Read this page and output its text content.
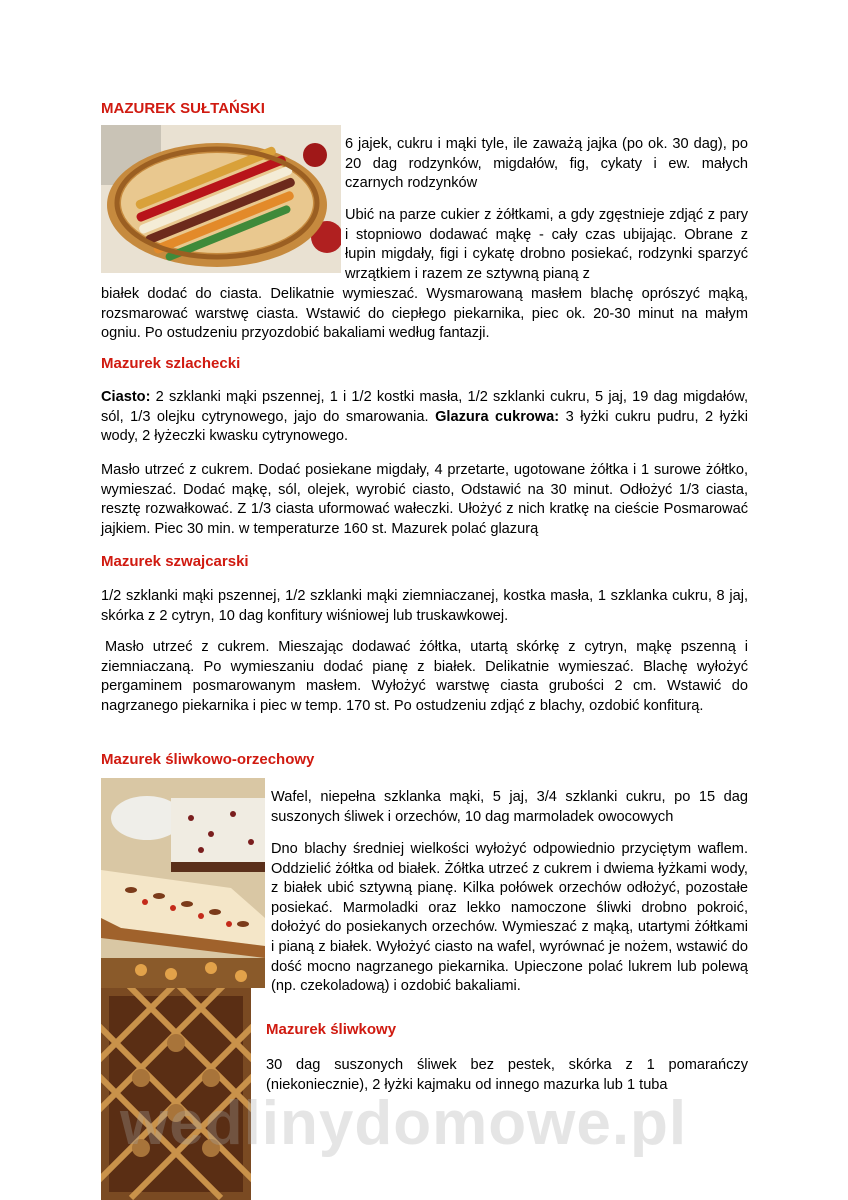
MAZUREK SUŁTAŃSKI

6 jajek, cukru i mąki tyle, ile zaważą jajka (po ok. 30 dag), po 20 dag rodzynków, migdałów, fig, cykaty i ew. małych czarnych rodzynków

Ubić na parze cukier z żółtkami, a gdy zgęstnieje zdjąć z pary i stopniowo dodawać mąkę - cały czas ubijając. Obrane z łupin migdały, figi i cykatę drobno posiekać, rodzynki sparzyć wrzątkiem i razem ze sztywną pianą z

białek dodać do ciasta. Delikatnie wymieszać. Wysmarowaną masłem blachę oprószyć mąką, rozsmarować warstwę ciasta. Wstawić do ciepłego piekarnika, piec ok. 20-30 minut na małym ogniu. Po ostudzeniu przyozdobić bakaliami według fantazji.

Mazurek szlachecki

Ciasto: 2 szklanki mąki pszennej, 1 i 1/2 kostki masła, 1/2 szklanki cukru, 5 jaj, 19 dag migdałów, sól, 1/3 olejku cytrynowego, jajo do smarowania. Glazura cukrowa: 3 łyżki cukru pudru, 2 łyżki wody, 2 łyżeczki kwasku cytrynowego.

Masło utrzeć z cukrem. Dodać posiekane migdały, 4 przetarte, ugotowane żółtka i 1 surowe żółtko, wymieszać. Dodać mąkę, sól, olejek, wyrobić ciasto, Odstawić na 30 minut. Odłożyć 1/3 ciasta, resztę rozwałkować. Z 1/3 ciasta uformować wałeczki. Ułożyć z nich kratkę na cieście Posmarować jajkiem. Piec 30 min. w temperaturze 160 st. Mazurek polać glazurą

Mazurek szwajcarski

1/2 szklanki mąki pszennej, 1/2 szklanki mąki ziemniaczanej, kostka masła, 1 szklanka cukru, 8 jaj, skórka z 2 cytryn, 10 dag konfitury wiśniowej lub truskawkowej.

Masło utrzeć z cukrem. Mieszając dodawać żółtka, utartą skórkę z cytryn, mąkę pszenną i ziemniaczaną. Po wymieszaniu dodać pianę z białek. Delikatnie wymieszać. Blachę wyłożyć pergaminem posmarowanym masłem. Wyłożyć warstwę ciasta grubości 2 cm. Wstawić do nagrzanego piekarnika i piec w temp. 170 st. Po ostudzeniu zdjąć z blachy, ozdobić konfiturą.

Mazurek śliwkowo-orzechowy

Wafel, niepełna szklanka mąki, 5 jaj, 3/4 szklanki cukru, po 15 dag suszonych śliwek i orzechów, 10 dag marmoladek owocowych

Dno blachy średniej wielkości wyłożyć odpowiednio przyciętym waflem. Oddzielić żółtka od białek. Żółtka utrzeć z cukrem i dwiema łyżkami wody, z białek ubić sztywną pianę. Kilka połówek orzechów odłożyć, pozostałe posiekać. Marmoladki oraz lekko namoczone śliwki drobno pokroić, dołożyć do posiekanych orzechów. Wymieszać z mąką, utartymi żółtkami i pianą z białek. Wyłożyć ciasto na wafel, wyrównać je nożem, wstawić do dość mocno nagrzanego piekarnika. Upieczone polać lukrem lub polewą (np. czekoladową) i ozdobić bakaliami.

Mazurek śliwkowy

30 dag suszonych śliwek bez pestek, skórka z 1 pomarańczy (niekoniecznie), 2 łyżki kajmaku od innego mazurka lub 1 tuba

wedlinydomowe.pl
